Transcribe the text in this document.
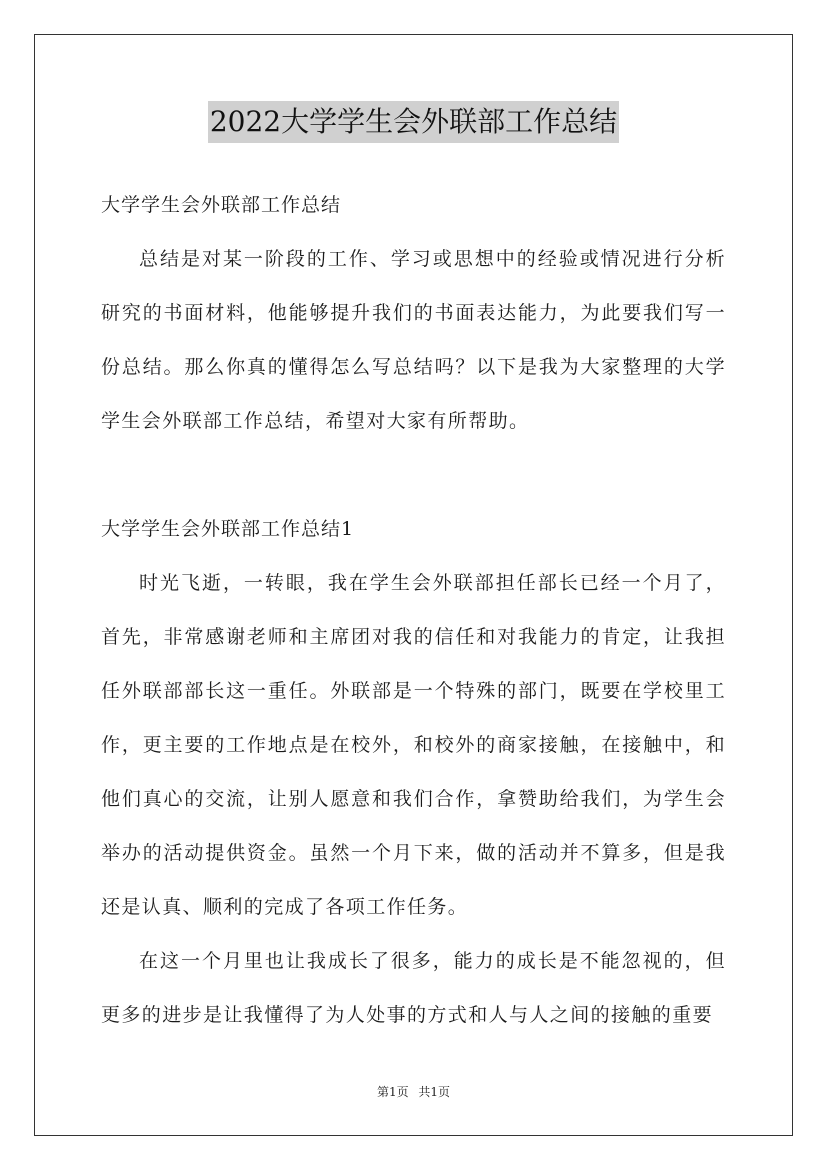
2022大学学生会外联部工作总结

大学学生会外联部工作总结

总结是对某一阶段的工作、学习或思想中的经验或情况进行分析研究的书面材料，他能够提升我们的书面表达能力，为此要我们写一份总结。那么你真的懂得怎么写总结吗？以下是我为大家整理的大学学生会外联部工作总结，希望对大家有所帮助。

大学学生会外联部工作总结1

时光飞逝，一转眼，我在学生会外联部担任部长已经一个月了，首先，非常感谢老师和主席团对我的信任和对我能力的肯定，让我担任外联部部长这一重任。外联部是一个特殊的部门，既要在学校里工作，更主要的工作地点是在校外，和校外的商家接触，在接触中，和他们真心的交流，让别人愿意和我们合作，拿赞助给我们，为学生会举办的活动提供资金。虽然一个月下来，做的活动并不算多，但是我还是认真、顺利的完成了各项工作任务。

在这一个月里也让我成长了很多，能力的成长是不能忽视的，但更多的进步是让我懂得了为人处事的方式和人与人之间的接触的重要

第1页 共1页
